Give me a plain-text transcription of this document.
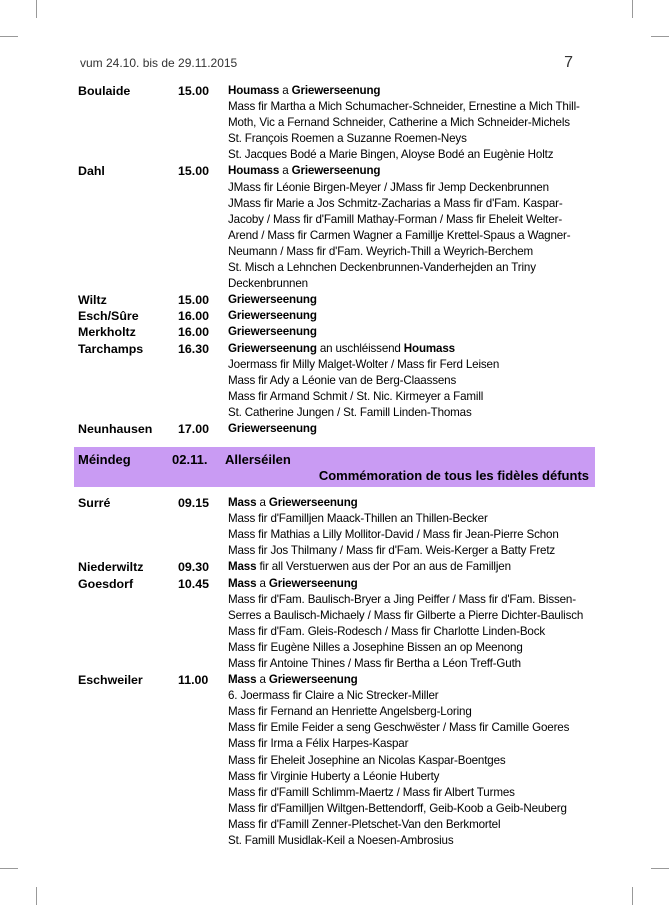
vum 24.10. bis de 29.11.2015	7
Boulaide	15.00	Houmass a Griewerseenung
Mass fir Martha a Mich Schumacher-Schneider, Ernestine a Mich Thill-
Moth, Vic a Fernand Schneider, Catherine a Mich Schneider-Michels
St. François Roemen a Suzanne Roemen-Neys
St. Jacques Bodé a Marie Bingen, Aloyse Bodé an Eugènie Holtz
Dahl	15.00	Houmass a Griewerseenung
JMass fir Léonie Birgen-Meyer / JMass fir Jemp Deckenbrunnen
JMass fir Marie a Jos Schmitz-Zacharias a Mass fir d'Fam. Kaspar-
Jacoby / Mass fir d'Famill Mathay-Forman / Mass fir Eheleit Welter-
Arend / Mass fir Carmen Wagner a Famillje Krettel-Spaus a Wagner-
Neumann / Mass fir d'Fam. Weyrich-Thill a Weyrich-Berchem
St. Misch a Lehnchen Deckenbrunnen-Vanderhejden an Triny
Deckenbrunnen
Wiltz	15.00	Griewerseenung
Esch/Sûre	16.00	Griewerseenung
Merkholtz	16.00	Griewerseenung
Tarchamps	16.30	Griewerseenung an uschléissend Houmass
Joermass fir Milly Malget-Wolter / Mass fir Ferd Leisen
Mass fir Ady a Léonie van de Berg-Claassens
Mass fir Armand Schmit / St. Nic. Kirmeyer a Famill
St. Catherine Jungen / St. Famill Linden-Thomas
Neunhausen	17.00	Griewerseenung
Méindeg	02.11. Allerséilen
Commémoration de tous les fidèles défunts
Surré	09.15	Mass a Griewerseenung
Mass fir d'Familljen Maack-Thillen an Thillen-Becker
Mass fir Mathias a Lilly Mollitor-David / Mass fir Jean-Pierre Schon
Mass fir Jos Thilmany / Mass fir d'Fam. Weis-Kerger a Batty Fretz
Niederwiltz	09.30	Mass fir all Verstuerwen aus der Por an aus de Familljen
Goesdorf	10.45	Mass a Griewerseenung
Mass fir d'Fam. Baulisch-Bryer a Jing Peiffer / Mass fir d'Fam. Bissen-
Serres a Baulisch-Michaely / Mass fir Gilberte a Pierre Dichter-Baulisch
Mass fir d'Fam. Gleis-Rodesch / Mass fir Charlotte Linden-Bock
Mass fir Eugène Nilles a Josephine Bissen an op Meenong
Mass fir Antoine Thines / Mass fir Bertha a Léon Treff-Guth
Eschweiler	11.00	Mass a Griewerseenung
6. Joermass fir Claire a Nic Strecker-Miller
Mass fir Fernand an Henriette Angelsberg-Loring
Mass fir Emile Feider a seng Geschwëster / Mass fir Camille Goeres
Mass fir Irma a Félix Harpes-Kaspar
Mass fir Eheleit Josephine an Nicolas Kaspar-Boentges
Mass fir Virginie Huberty a Léonie Huberty
Mass fir d'Famill Schlimm-Maertz / Mass fir Albert Turmes
Mass fir d'Familljen Wiltgen-Bettendorff, Geib-Koob a Geib-Neuberg
Mass fir d'Famill Zenner-Pletschet-Van den Berkmortel
St. Famill Musidlak-Keil a Noesen-Ambrosius
